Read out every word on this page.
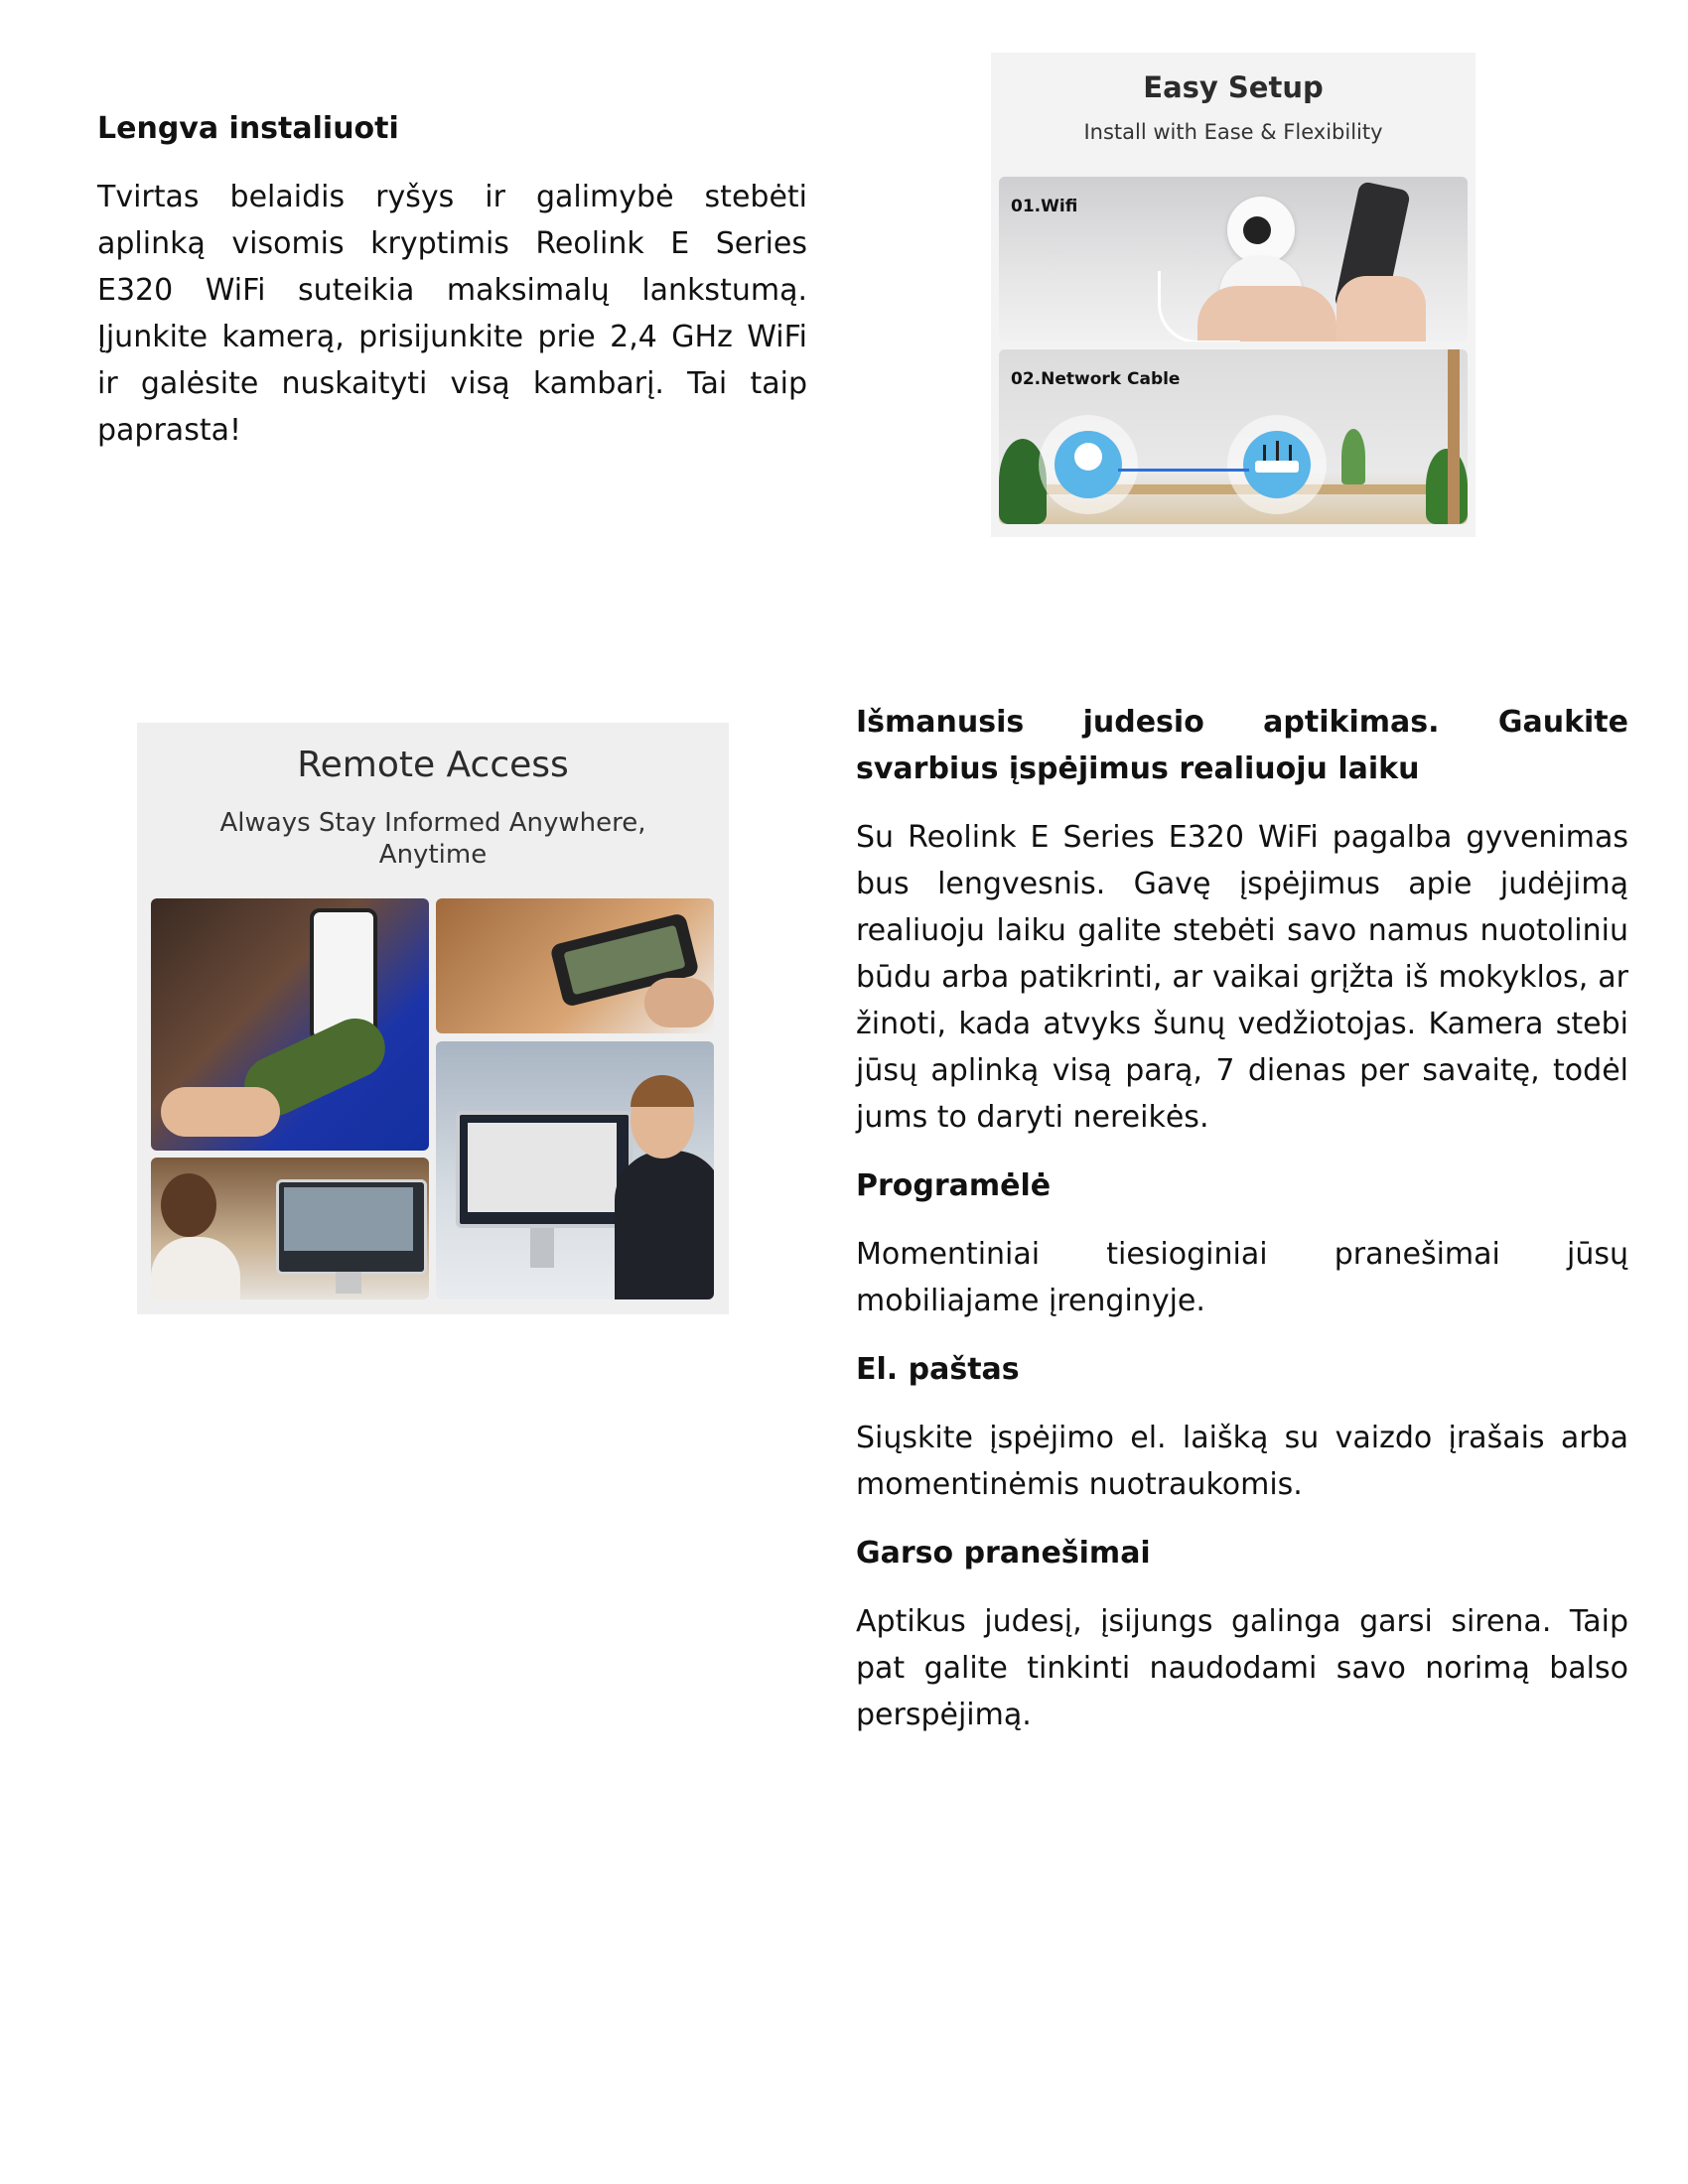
Lengva instaliuoti

Tvirtas belaidis ryšys ir galimybė stebėti aplinką visomis kryptimis Reolink E Series E320 WiFi suteikia maksimalų lankstumą. Įjunkite kamerą, prisijunkite prie 2,4 GHz WiFi ir galėsite nuskaityti visą kambarį. Tai taip paprasta!

Easy Setup
Install with Ease & Flexibility
01.Wifi
02.Network Cable
Remote Access
Always Stay Informed Anywhere,
Anytime
Išmanusis judesio aptikimas. Gaukite svarbius įspėjimus realiuoju laiku

Su Reolink E Series E320 WiFi pagalba gyvenimas bus lengvesnis. Gavę įspėjimus apie judėjimą realiuoju laiku galite stebėti savo namus nuotoliniu būdu arba patikrinti, ar vaikai grįžta iš mokyklos, ar žinoti, kada atvyks šunų vedžiotojas. Kamera stebi jūsų aplinką visą parą, 7 dienas per savaitę, todėl jums to daryti nereikės.

Programėlė

Momentiniai tiesioginiai pranešimai jūsų mobiliajame įrenginyje.

El. paštas

Siųskite įspėjimo el. laišką su vaizdo įrašais arba momentinėmis nuotraukomis.

Garso pranešimai

Aptikus judesį, įsijungs galinga garsi sirena. Taip pat galite tinkinti naudodami savo norimą balso perspėjimą.
